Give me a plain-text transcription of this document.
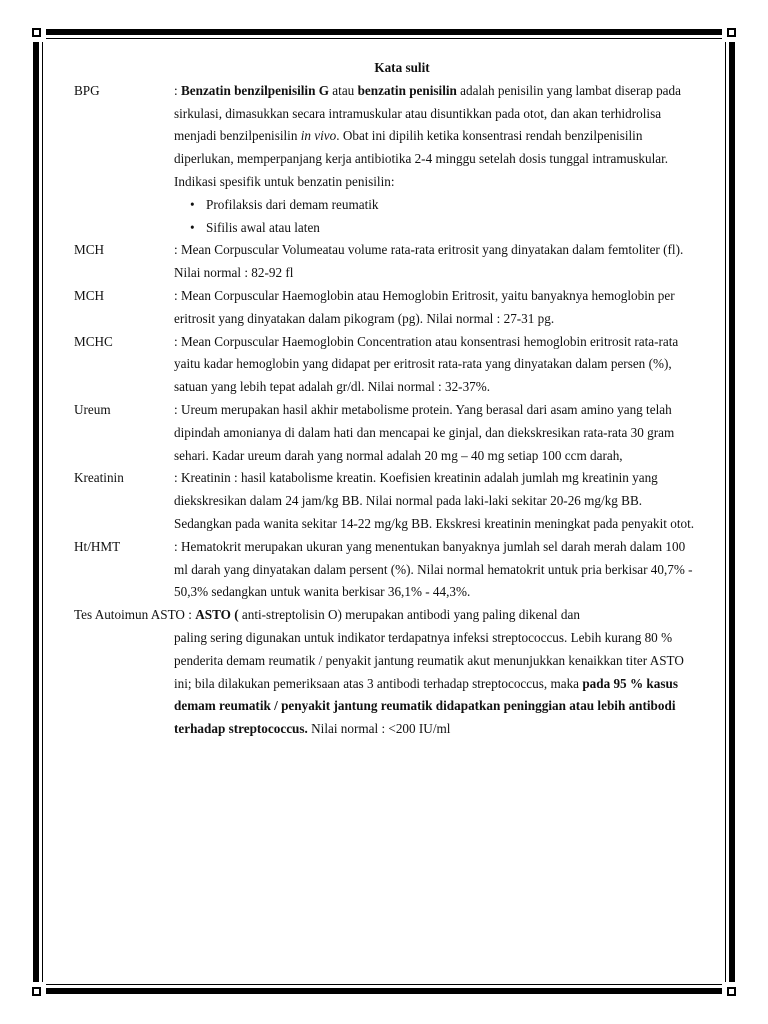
Kata sulit
BPG	: Benzatin benzilpenisilin G atau benzatin penisilin adalah penisilin yang lambat diserap pada sirkulasi, dimasukkan secara intramuskular atau disuntikkan pada otot, dan akan terhidrolisa menjadi benzilpenisilin in vivo. Obat ini dipilih ketika konsentrasi rendah benzilpenisilin diperlukan, memperpanjang kerja antibiotika 2-4 minggu setelah dosis tunggal intramuskular.
Indikasi spesifik untuk benzatin penisilin:
• Profilaksis dari demam reumatik
• Sifilis awal atau laten
MCH	: Mean Corpuscular Volumeatau volume rata-rata eritrosit yang dinyatakan dalam femtoliter (fl). Nilai normal : 82-92 fl
MCH	: Mean Corpuscular Haemoglobin atau Hemoglobin Eritrosit, yaitu banyaknya hemoglobin per eritrosit yang dinyatakan dalam pikogram (pg). Nilai normal : 27-31 pg.
MCHC	: Mean Corpuscular Haemoglobin Concentration atau konsentrasi hemoglobin eritrosit rata-rata yaitu kadar hemoglobin yang didapat per eritrosit rata-rata yang dinyatakan dalam persen (%), satuan yang lebih tepat adalah gr/dl. Nilai normal : 32-37%.
Ureum	: Ureum merupakan hasil akhir metabolisme protein. Yang berasal dari asam amino yang telah dipindah amonianya di dalam hati dan mencapai ke ginjal, dan diekskresikan rata-rata 30 gram sehari. Kadar ureum darah yang normal adalah 20 mg – 40 mg setiap 100 ccm darah,
Kreatinin	: Kreatinin : hasil katabolisme kreatin. Koefisien kreatinin adalah jumlah mg kreatinin yang diekskresikan dalam 24 jam/kg BB. Nilai normal pada laki-laki sekitar 20-26 mg/kg BB. Sedangkan pada wanita sekitar 14-22 mg/kg BB. Ekskresi kreatinin meningkat pada penyakit otot.
Ht/HMT	: Hematokrit merupakan ukuran yang menentukan banyaknya jumlah sel darah merah dalam 100 ml darah yang dinyatakan dalam persent (%). Nilai normal hematokrit untuk pria berkisar 40,7% - 50,3% sedangkan untuk wanita berkisar 36,1% - 44,3%.
Tes Autoimun ASTO : ASTO ( anti-streptolisin O) merupakan antibodi yang paling dikenal dan
paling sering digunakan untuk indikator terdapatnya infeksi streptococcus. Lebih kurang 80 % penderita demam reumatik / penyakit jantung reumatik akut menunjukkan kenaikkan titer ASTO ini; bila dilakukan pemeriksaan atas 3 antibodi terhadap streptococcus, maka pada 95 % kasus demam reumatik / penyakit jantung reumatik didapatkan peninggian atau lebih antibodi terhadap streptococcus. Nilai normal : <200 IU/ml
